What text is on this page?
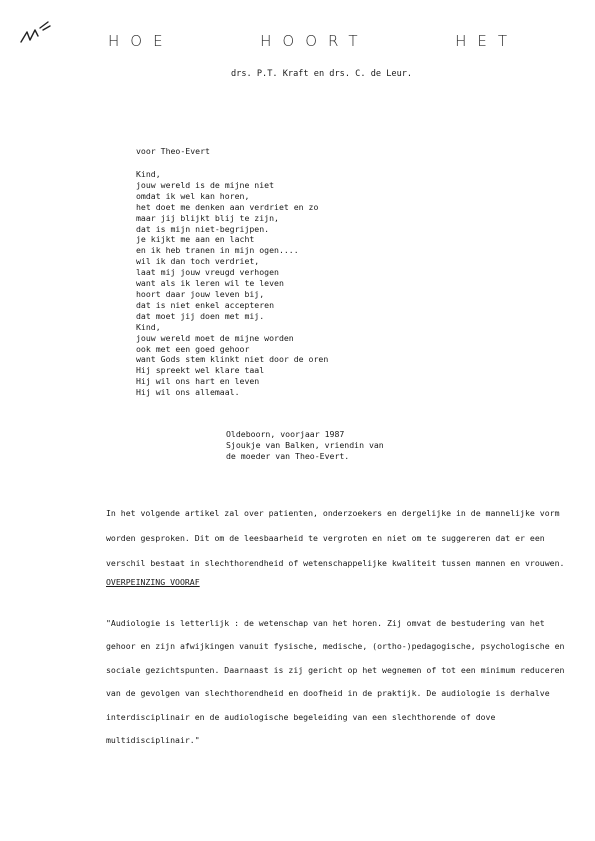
HOE	HOORT	HET
drs. P.T. Kraft en drs. C. de Leur.
voor Theo-Evert
Kind,
jouw wereld is de mijne niet
omdat ik wel kan horen,
het doet me denken aan verdriet en zo
maar jij blijkt blij te zijn,
dat is mijn niet-begrijpen.
je kijkt me aan en lacht
en ik heb tranen in mijn ogen....
wil ik dan toch verdriet,
laat mij jouw vreugd verhogen
want als ik leren wil te leven
hoort daar jouw leven bij,
dat is niet enkel accepteren
dat moet jij doen met mij.
Kind,
jouw wereld moet de mijne worden
ook met een goed gehoor
want Gods stem klinkt niet door de oren
Hij spreekt wel klare taal
Hij wil ons hart en leven
Hij wil ons allemaal.
Oldeboorn, voorjaar 1987
Sjoukje van Balken, vriendin van
de moeder van Theo-Evert.
In het volgende artikel zal over patienten, onderzoekers en dergelijke in de mannelijke vorm
worden gesproken. Dit om de leesbaarheid te vergroten en niet om te suggereren dat er een
verschil bestaat in slechthorendheid of wetenschappelijke kwaliteit tussen mannen en vrouwen.
OVERPEINZING VOORAF
"Audiologie is letterlijk : de wetenschap van het horen. Zij omvat de bestudering van het
gehoor en zijn afwijkingen vanuit fysische, medische, (ortho-)pedagogische, psychologische en
sociale gezichtspunten. Daarnaast is zij gericht op het wegnemen of tot een minimum reduceren
van de gevolgen van slechthorendheid en doofheid in de praktijk. De audiologie is derhalve
interdisciplinair en de audiologische begeleiding van een slechthorende of dove
multidisciplinair."
